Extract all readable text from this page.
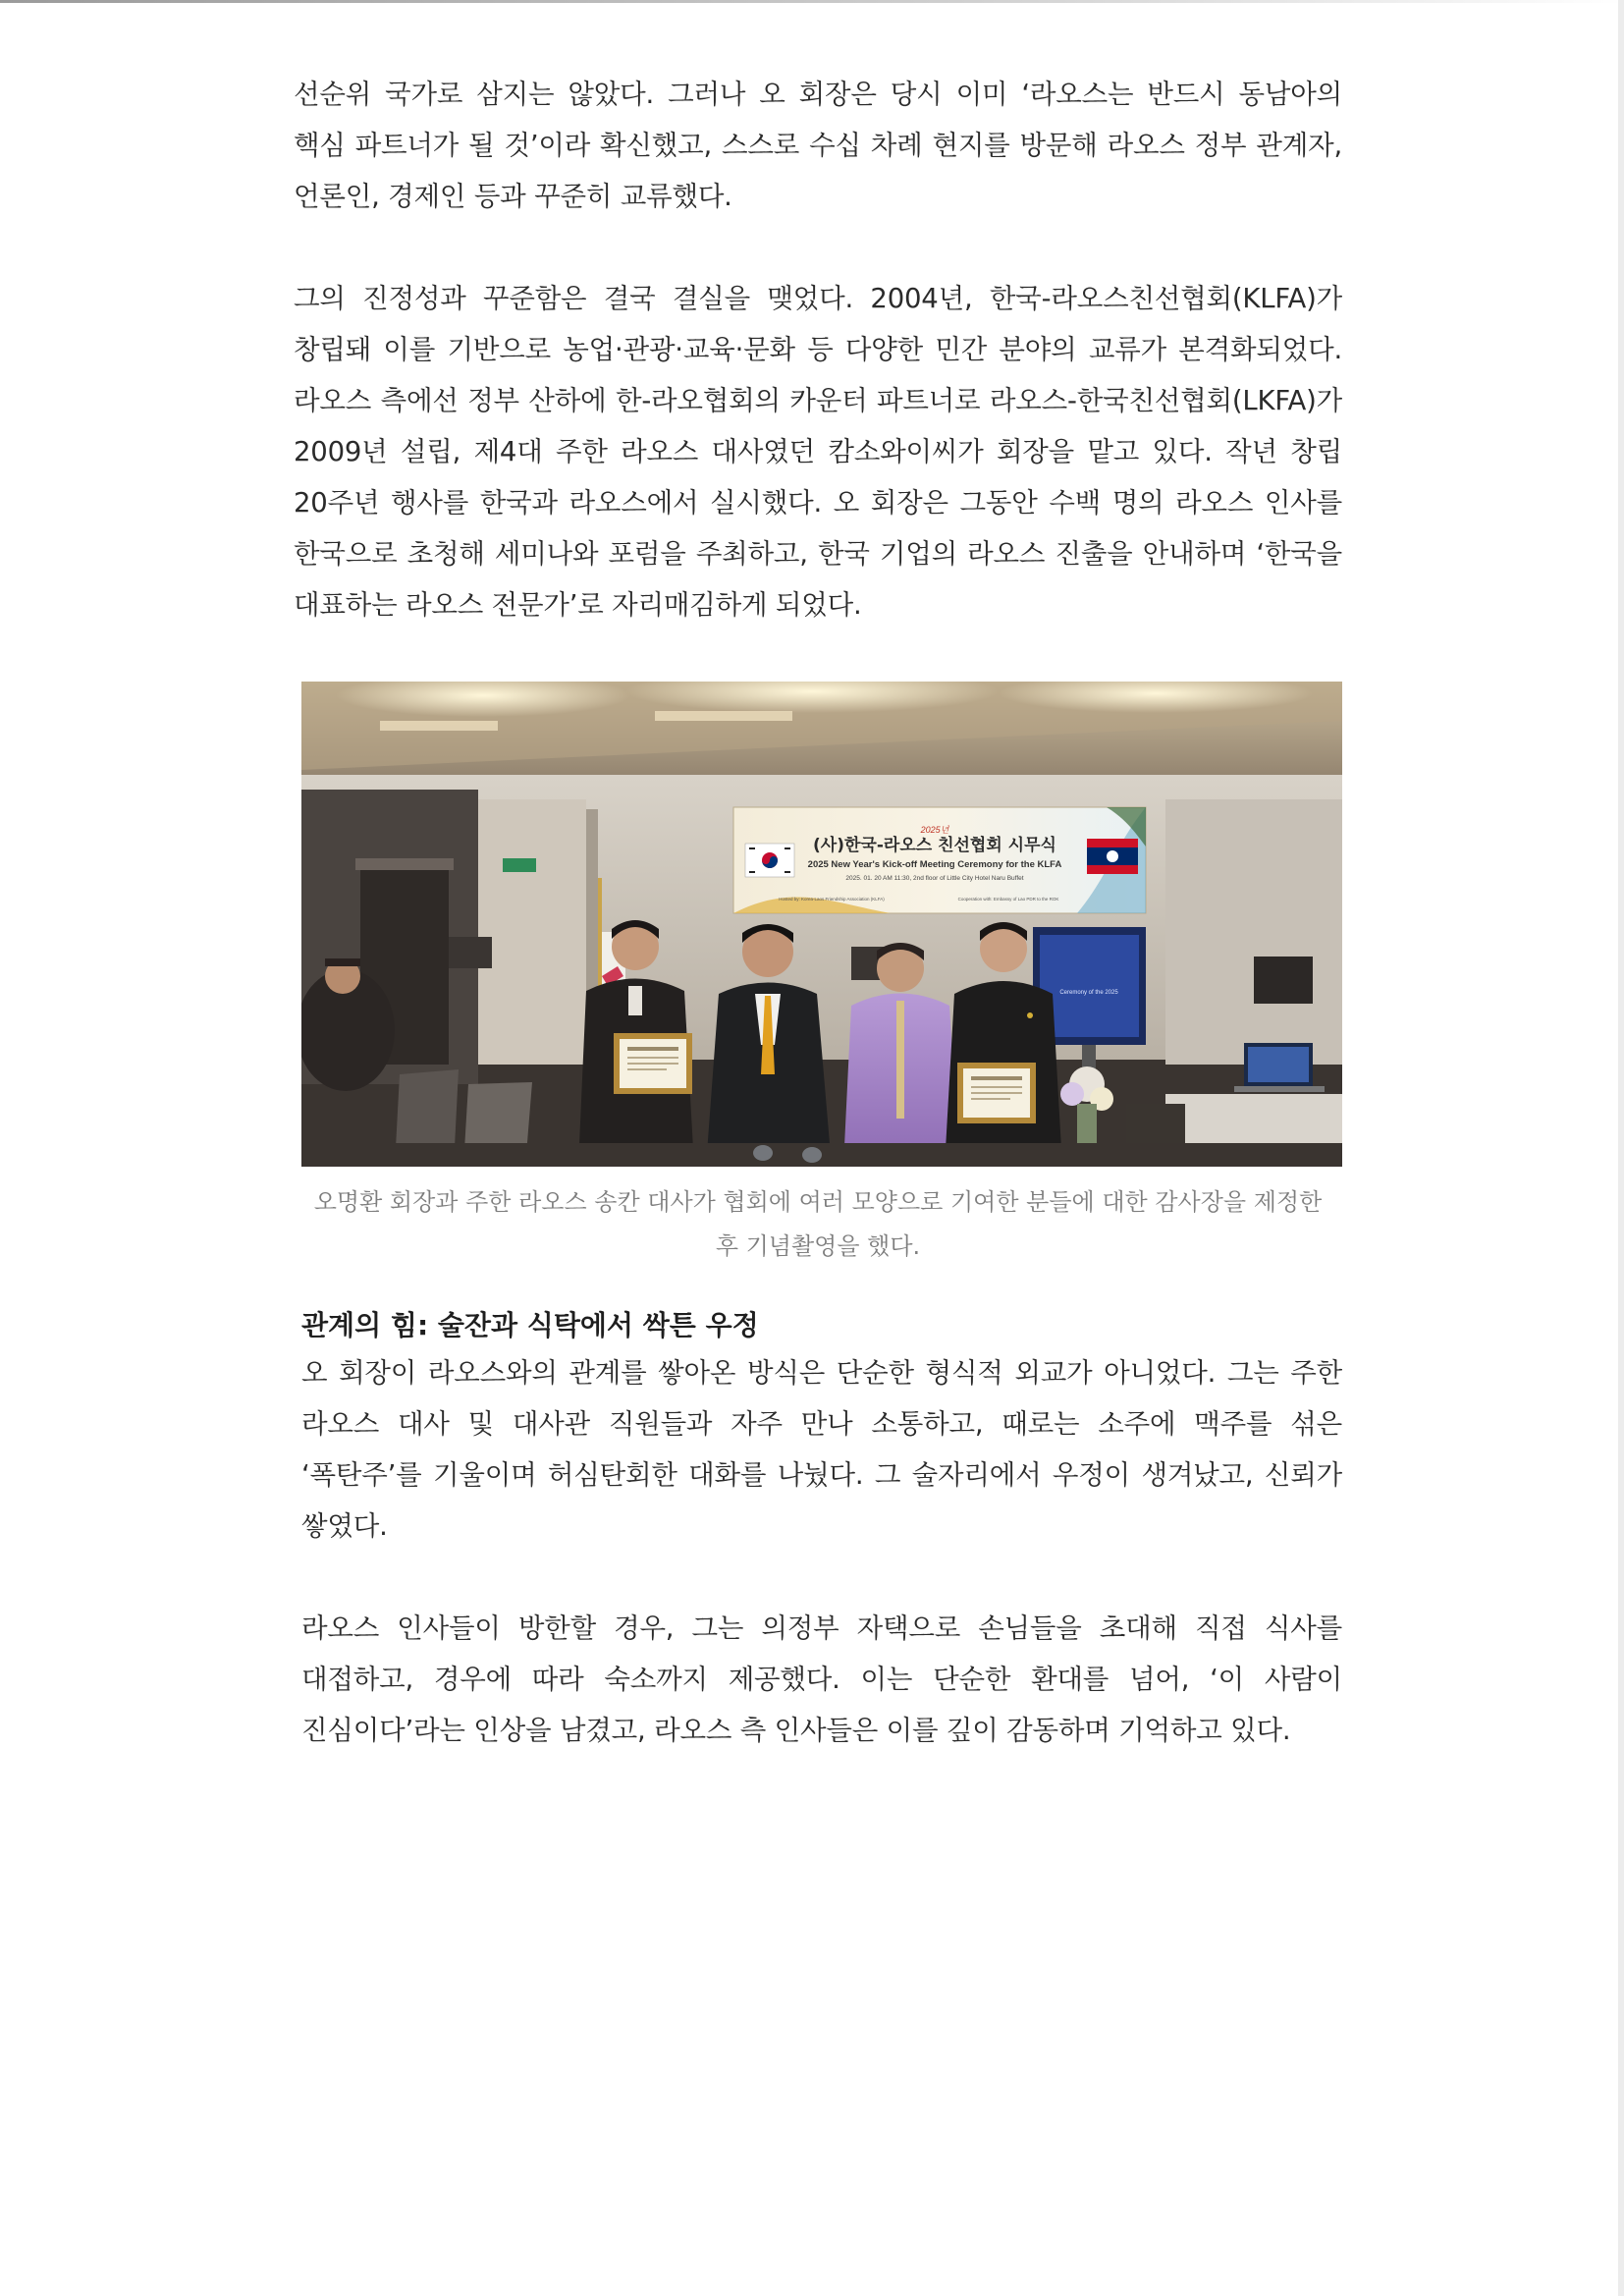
선순위 국가로 삼지는 않았다. 그러나 오 회장은 당시 이미 ‘라오스는 반드시 동남아의 핵심 파트너가 될 것’이라 확신했고, 스스로 수십 차례 현지를 방문해 라오스 정부 관계자, 언론인, 경제인 등과 꾸준히 교류했다.

그의 진정성과 꾸준함은 결국 결실을 맺었다. 2004년, 한국-라오스친선협회(KLFA)가 창립돼 이를 기반으로 농업·관광·교육·문화 등 다양한 민간 분야의 교류가 본격화되었다. 라오스 측에선 정부 산하에 한-라오협회의 카운터 파트너로 라오스-한국친선협회(LKFA)가 2009년 설립, 제4대 주한 라오스 대사였던 캄소와이씨가 회장을 맡고 있다. 작년 창립 20주년 행사를 한국과 라오스에서 실시했다. 오 회장은 그동안 수백 명의 라오스 인사를 한국으로 초청해 세미나와 포럼을 주최하고, 한국 기업의 라오스 진출을 안내하며 ‘한국을 대표하는 라오스 전문가’로 자리매김하게 되었다.

2025년
(사)한국-라오스 친선협회 시무식
2025 New Year's Kick-off Meeting Ceremony for the KLFA
2025. 01. 20 AM 11:30, 2nd floor of Little City Hotel Naru Buffet
Hosted by: Korea-Laos Friendship Association (KLFA)	Cooperation with: Embassy of Lao PDR to the ROK
Ceremony of the 2025

오명환 회장과 주한 라오스 송칸 대사가 협회에 여러 모양으로 기여한 분들에 대한 감사장을 제정한 후 기념촬영을 했다.

관계의 힘: 술잔과 식탁에서 싹튼 우정

오 회장이 라오스와의 관계를 쌓아온 방식은 단순한 형식적 외교가 아니었다. 그는 주한 라오스 대사 및 대사관 직원들과 자주 만나 소통하고, 때로는 소주에 맥주를 섞은 ‘폭탄주’를 기울이며 허심탄회한 대화를 나눴다. 그 술자리에서 우정이 생겨났고, 신뢰가 쌓였다.

라오스 인사들이 방한할 경우, 그는 의정부 자택으로 손님들을 초대해 직접 식사를 대접하고, 경우에 따라 숙소까지 제공했다. 이는 단순한 환대를 넘어, ‘이 사람이 진심이다’라는 인상을 남겼고, 라오스 측 인사들은 이를 깊이 감동하며 기억하고 있다.
